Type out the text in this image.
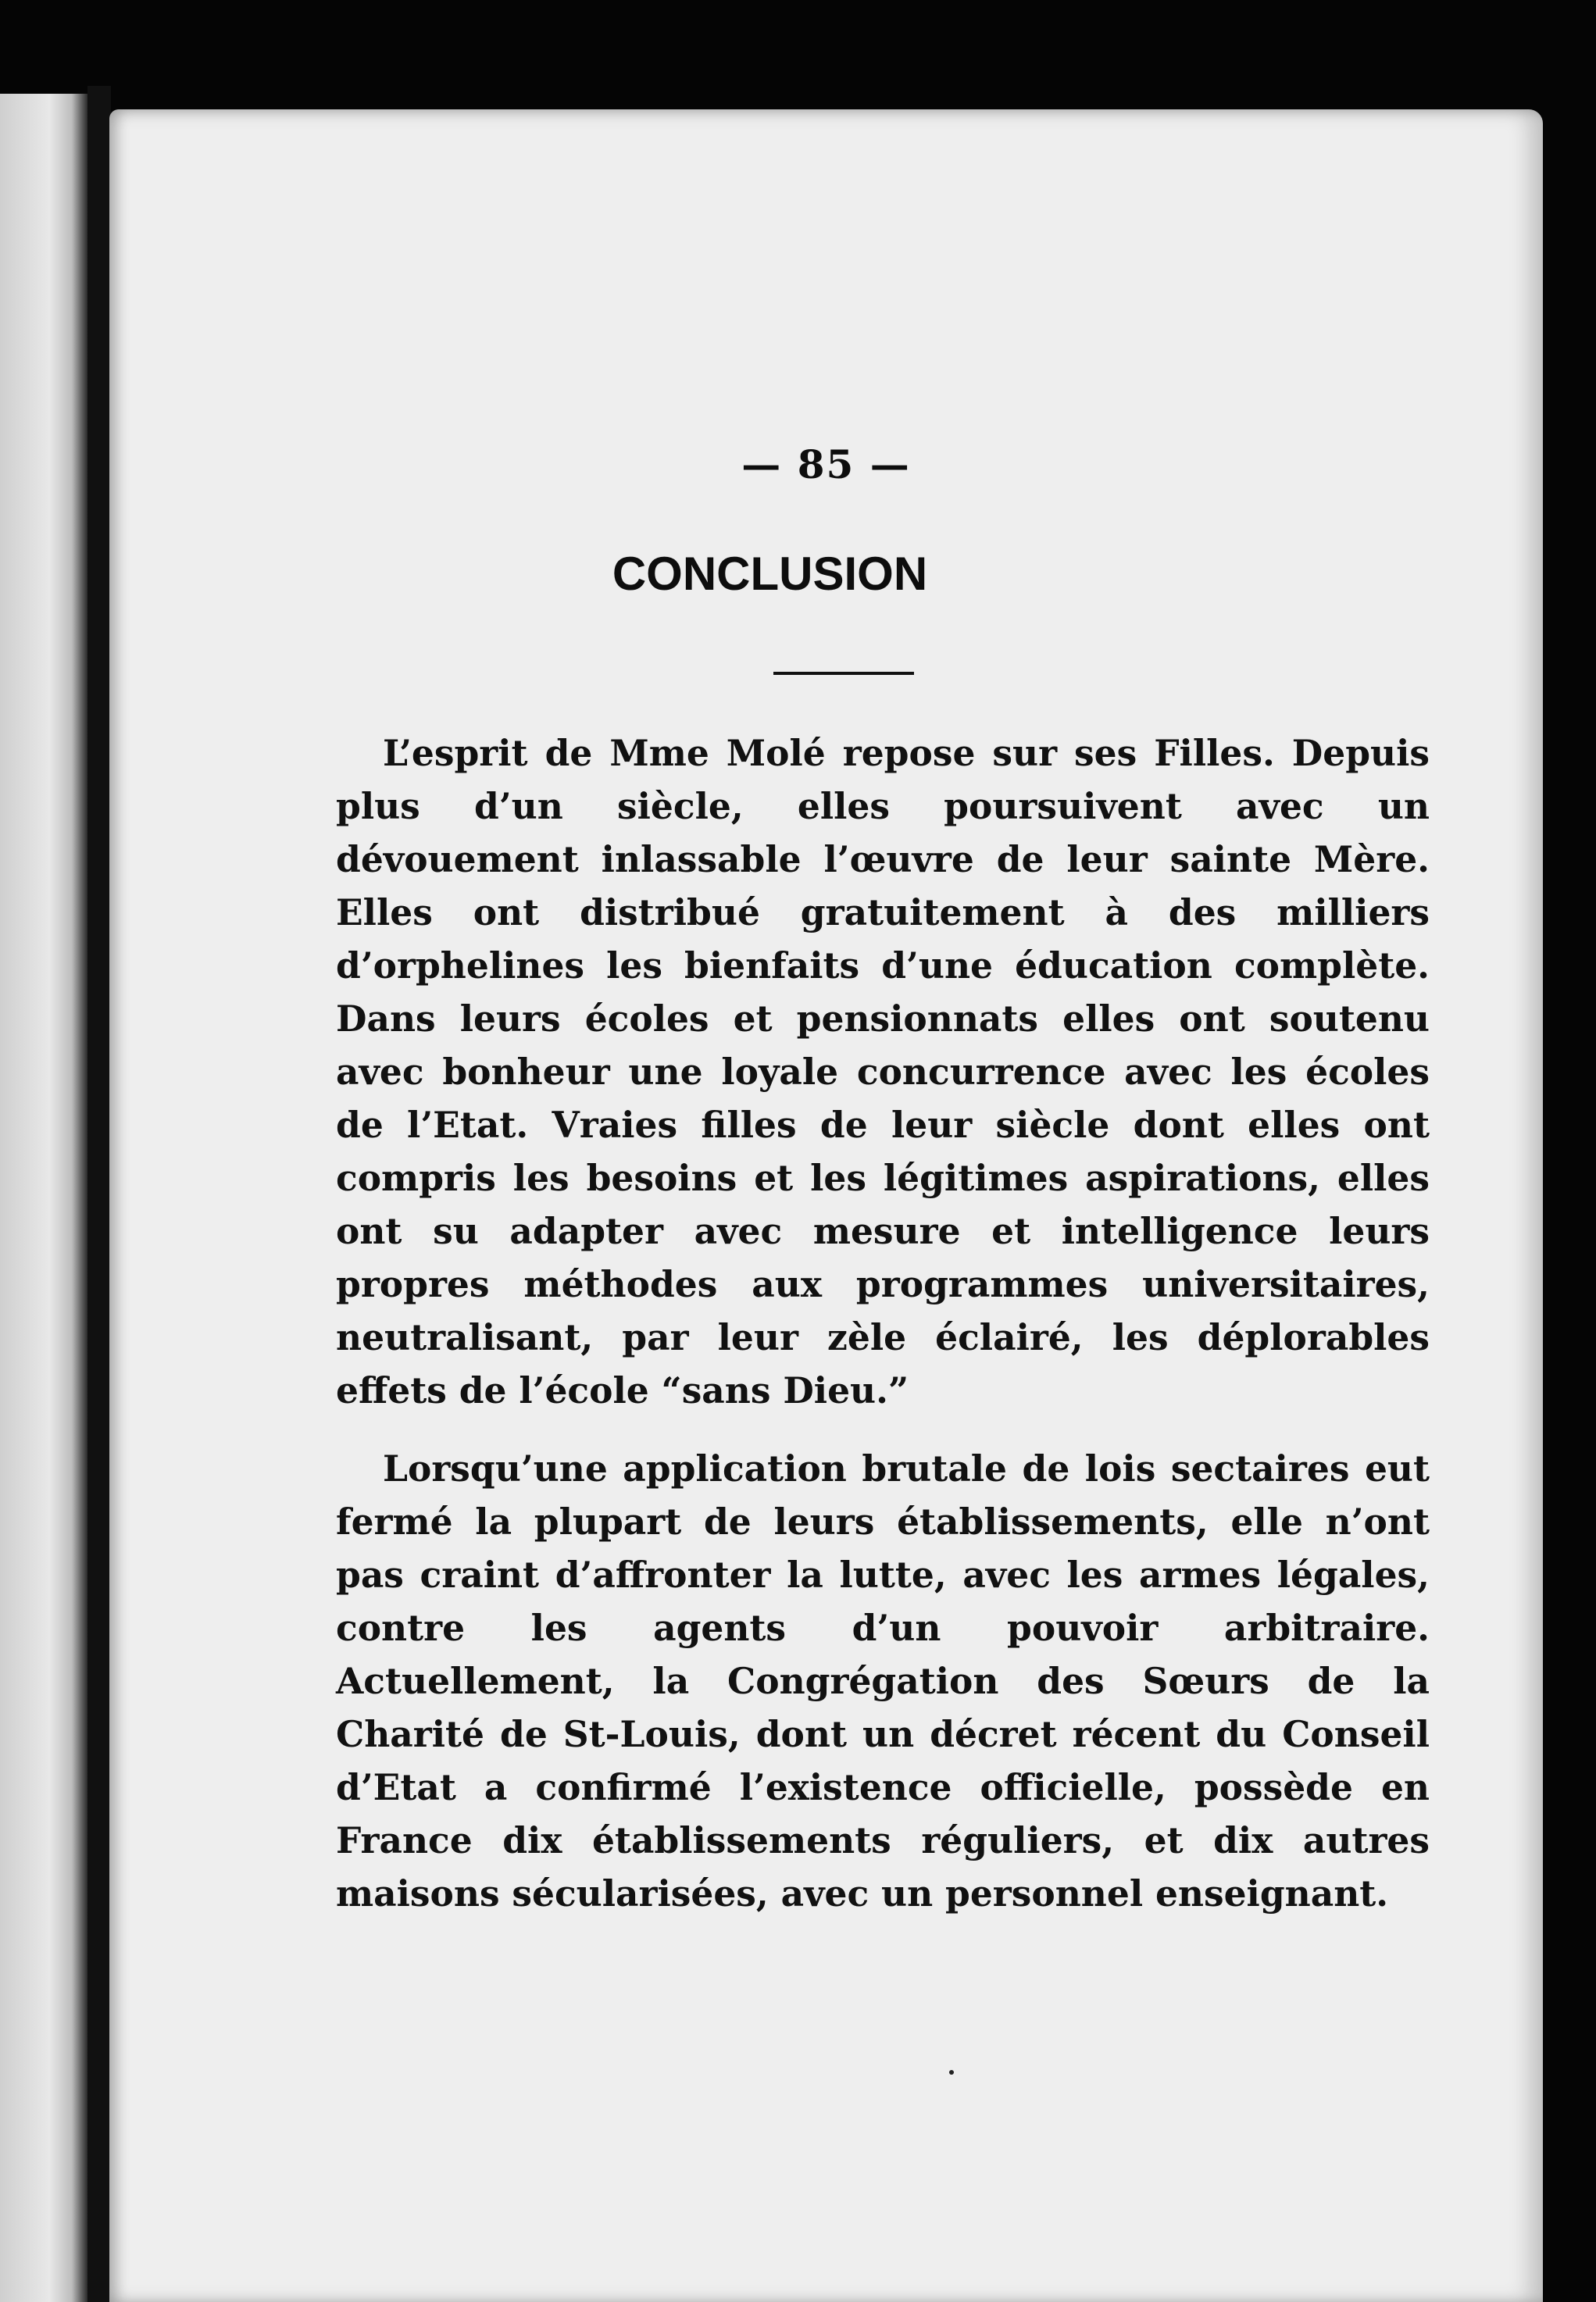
— 85 —
CONCLUSION

L’esprit de Mme Molé repose sur ses Filles. Depuis plus d’un siècle, elles poursuivent avec un dévouement inlassable l’œuvre de leur sainte Mère. Elles ont distribué gratuitement à des milliers d’orphelines les bienfaits d’une éducation complète. Dans leurs écoles et pensionnats elles ont soutenu avec bonheur une loyale concurrence avec les écoles de l’Etat. Vraies filles de leur siècle dont elles ont compris les besoins et les légitimes aspirations, elles ont su adapter avec mesure et intelligence leurs propres méthodes aux programmes universitaires, neutralisant, par leur zèle éclairé, les déplorables effets de l’école “sans Dieu.”

Lorsqu’une application brutale de lois sectaires eut fermé la plupart de leurs établissements, elle n’ont pas craint d’affronter la lutte, avec les armes légales, contre les agents d’un pouvoir arbitraire. Actuellement, la Congrégation des Sœurs de la Charité de St-Louis, dont un décret récent du Conseil d’Etat a confirmé l’existence officielle, possède en France dix établissements réguliers, et dix autres maisons sécularisées, avec un personnel enseignant.
